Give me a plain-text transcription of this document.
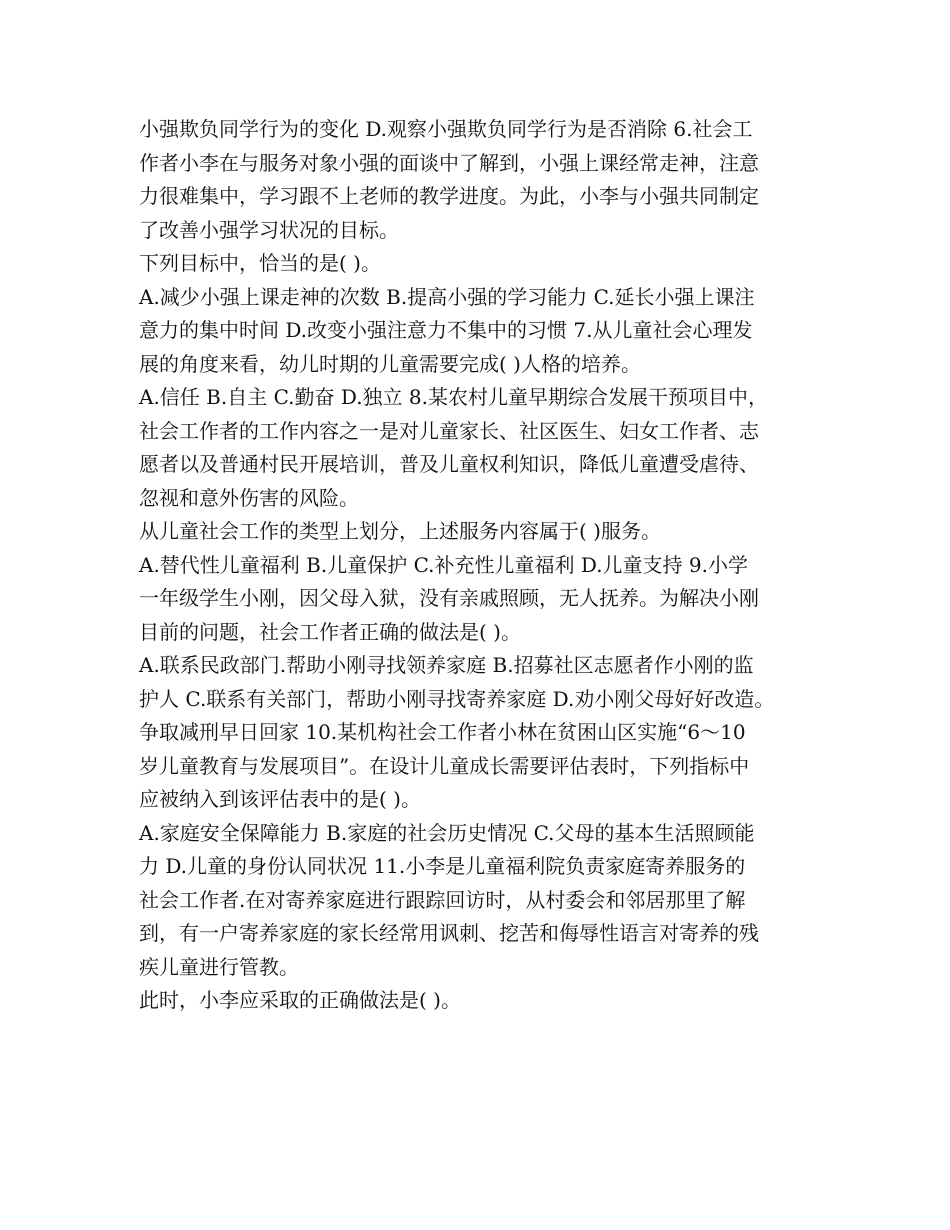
小强欺负同学行为的变化 D.观察小强欺负同学行为是否消除 6.社会工
作者小李在与服务对象小强的面谈中了解到，小强上课经常走神，注意
力很难集中，学习跟不上老师的教学进度。为此，小李与小强共同制定
了改善小强学习状况的目标。
下列目标中，恰当的是( )。
A.减少小强上课走神的次数 B.提高小强的学习能力 C.延长小强上课注
意力的集中时间 D.改变小强注意力不集中的习惯 7.从儿童社会心理发
展的角度来看，幼儿时期的儿童需要完成( )人格的培养。
A.信任 B.自主 C.勤奋 D.独立 8.某农村儿童早期综合发展干预项目中，
社会工作者的工作内容之一是对儿童家长、社区医生、妇女工作者、志
愿者以及普通村民开展培训，普及儿童权利知识，降低儿童遭受虐待、
忽视和意外伤害的风险。
从儿童社会工作的类型上划分，上述服务内容属于( )服务。
A.替代性儿童福利 B.儿童保护 C.补充性儿童福利 D.儿童支持 9.小学
一年级学生小刚，因父母入狱，没有亲戚照顾，无人抚养。为解决小刚
目前的问题，社会工作者正确的做法是( )。
A.联系民政部门.帮助小刚寻找领养家庭 B.招募社区志愿者作小刚的监
护人 C.联系有关部门，帮助小刚寻找寄养家庭 D.劝小刚父母好好改造。
争取减刑早日回家 10.某机构社会工作者小林在贫困山区实施“6～10
岁儿童教育与发展项目”。在设计儿童成长需要评估表时，下列指标中
应被纳入到该评估表中的是( )。
A.家庭安全保障能力 B.家庭的社会历史情况 C.父母的基本生活照顾能
力 D.儿童的身份认同状况 11.小李是儿童福利院负责家庭寄养服务的
社会工作者.在对寄养家庭进行跟踪回访时，从村委会和邻居那里了解
到，有一户寄养家庭的家长经常用讽刺、挖苦和侮辱性语言对寄养的残
疾儿童进行管教。
此时，小李应采取的正确做法是( )。
